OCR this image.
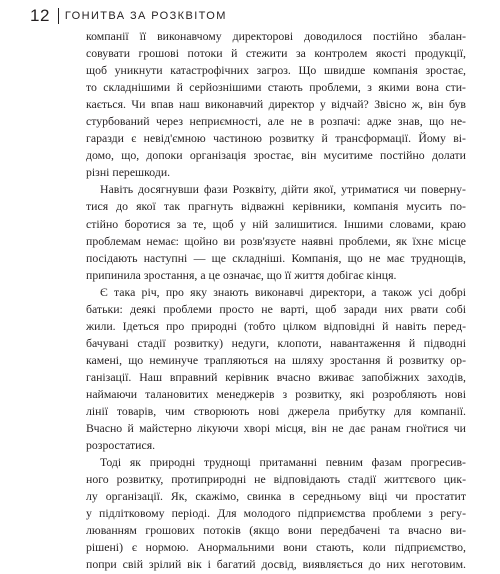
12 ГОНИТВА ЗА РОЗКВІТОМ

компанії її виконавчому директорові доводилося постійно збалан-
совувати грошові потоки й стежити за контролем якості продукції,
щоб уникнути катастрофічних загроз. Що швидше компанія зростає,
то складнішими й серйознішими стають проблеми, з якими вона сти-
кається. Чи впав наш виконавчий директор у відчай? Звісно ж, він був
стурбований через неприємності, але не в розпачі: адже знав, що не-
гаразди є невід'ємною частиною розвитку й трансформації. Йому ві-
домо, що, допоки організація зростає, він муситиме постійно долати
різні перешкоди.

Навіть досягнувши фази Розквіту, дійти якої, утриматися чи поверну-
тися до якої так прагнуть відважні керівники, компанія мусить по-
стійно боротися за те, щоб у ній залишитися. Іншими словами, краю
проблемам немає: щойно ви розв'язуєте наявні проблеми, як їхнє місце
посідають наступні — ще складніші. Компанія, що не має труднощів,
припинила зростання, а це означає, що її життя добігає кінця.

Є така річ, про яку знають виконавчі директори, а також усі добрі
батьки: деякі проблеми просто не варті, щоб заради них рвати собі
жили. Ідеться про природні (тобто цілком відповідні й навіть перед-
бачувані стадії розвитку) недуги, клопоти, навантаження й підводні
камені, що неминуче трапляються на шляху зростання й розвитку ор-
ганізації. Наш вправний керівник вчасно вживає запобіжних заходів,
наймаючи талановитих менеджерів з розвитку, які розробляють нові
лінії товарів, чим створюють нові джерела прибутку для компанії.
Вчасно й майстерно лікуючи хворі місця, він не дає ранам гноїтися чи
розростатися.

Тоді як природні труднощі притаманні певним фазам прогресив-
ного розвитку, протиприродні не відповідають стадії життєвого цик-
лу організації. Як, скажімо, свинка в середньому віці чи простатит
у підлітковому періоді. Для молодого підприємства проблеми з регу-
люванням грошових потоків (якщо вони передбачені та вчасно ви-
рішені) є нормою. Анормальними вони стають, коли підприємство,
попри свій зрілий вік і багатий досвід, виявляється до них неготовим.
